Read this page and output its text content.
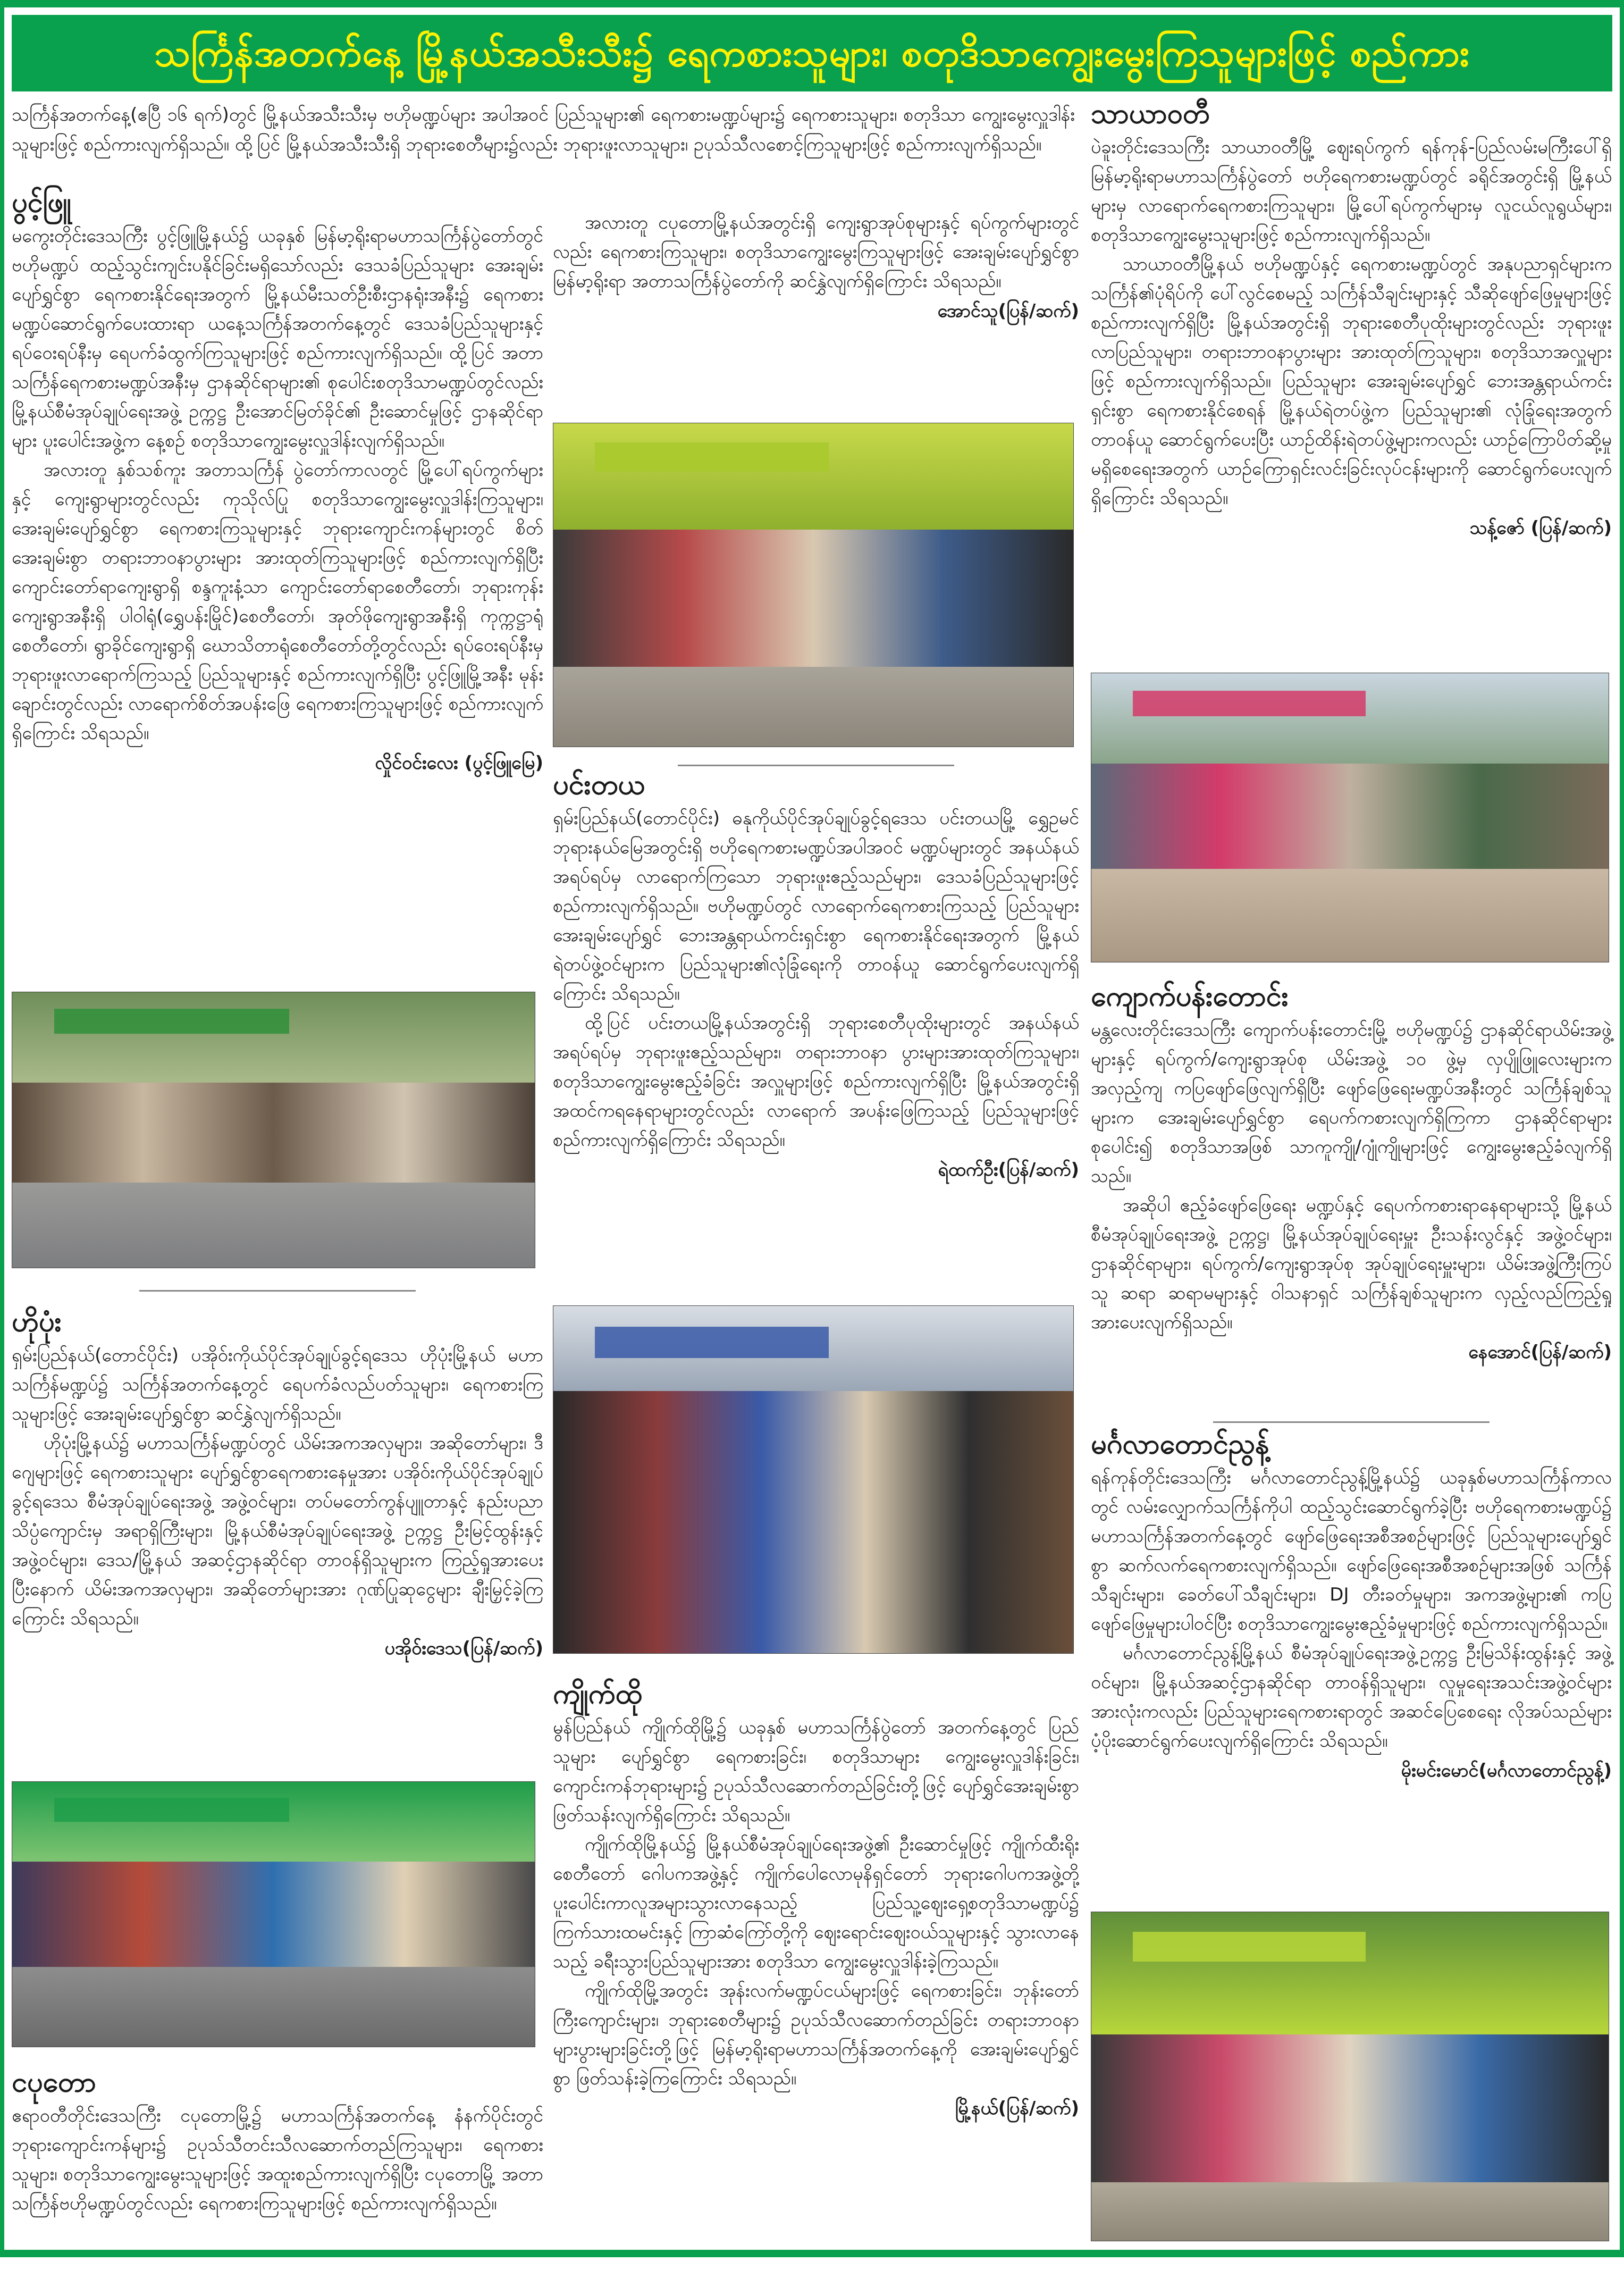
သင်္ကြန်အတက်နေ့ မြို့နယ်အသီးသီး၌ ရေကစားသူများ၊ စတုဒိသာကျွေးမွေးကြသူများဖြင့် စည်ကား
သင်္ကြန်အတက်နေ့(ဧပြီ ၁၆ ရက်)တွင် မြို့နယ်အသီးသီးမှ ဗဟိုမဏ္ဍပ်များ အပါအဝင် ပြည်သူများ၏ ရေကစားမဏ္ဍပ်များ၌ ရေကစားသူများ၊ စတုဒိသာ ကျွေးမွေးလှူဒါန်းသူများဖြင့် စည်ကားလျက်ရှိသည်။ ထို့ပြင် မြို့နယ်အသီးသီးရှိ ဘုရားစေတီများ၌လည်း ဘုရားဖူးလာသူများ၊ ဥပုသ်သီလစောင့်ကြသူများဖြင့် စည်ကားလျက်ရှိသည်။
ပွင့်ဖြူ

မကွေးတိုင်းဒေသကြီး ပွင့်ဖြူမြို့နယ်၌ ယခုနှစ် မြန်မာ့ရိုးရာမဟာသင်္ကြန်ပွဲတော်တွင် ဗဟိုမဏ္ဍပ် ထည့်သွင်းကျင်းပနိုင်ခြင်းမရှိသော်လည်း ဒေသခံပြည်သူများ အေးချမ်းပျော်ရွှင်စွာ ရေကစားနိုင်ရေးအတွက် မြို့နယ်မီးသတ်ဦးစီးဌာနရုံးအနီး၌ ရေကစားမဏ္ဍပ်ဆောင်ရွက်ပေးထားရာ ယနေ့သင်္ကြန်အတက်နေ့တွင် ဒေသခံပြည်သူများနှင့် ရပ်ဝေးရပ်နီးမှ ရေပက်ခံထွက်ကြသူများဖြင့် စည်ကားလျက်ရှိသည်။ ထို့ပြင် အတာသင်္ကြန်ရေကစားမဏ္ဍပ်အနီးမှ ဌာနဆိုင်ရာများ၏ စုပေါင်းစတုဒိသာမဏ္ဍပ်တွင်လည်း မြို့နယ်စီမံအုပ်ချုပ်ရေးအဖွဲ့ ဥက္ကဋ္ဌ ဦးအောင်မြတ်ခိုင်၏ ဦးဆောင်မှုဖြင့် ဌာနဆိုင်ရာများ ပူးပေါင်းအဖွဲ့က နေ့စဉ် စတုဒိသာကျွေးမွေးလှူဒါန်းလျက်ရှိသည်။

အလားတူ နှစ်သစ်ကူး အတာသင်္ကြန် ပွဲတော်ကာလတွင် မြို့ပေါ်ရပ်ကွက်များနှင့် ကျေးရွာများတွင်လည်း ကုသိုလ်ပြု စတုဒိသာကျွေးမွေးလှူဒါန်းကြသူများ၊ အေးချမ်းပျော်ရွှင်စွာ ရေကစားကြသူများနှင့် ဘုရားကျောင်းကန်များတွင် စိတ်အေးချမ်းစွာ တရားဘာဝနာပွားများ အားထုတ်ကြသူများဖြင့် စည်ကားလျက်ရှိပြီး ကျောင်းတော်ရာကျေးရွာရှိ စန္ဒကူးနံ့သာ ကျောင်းတော်ရာစေတီတော်၊ ဘုရားကုန်းကျေးရွာအနီးရှိ ပါဝါရုံ(ရွှေပန်းမြိုင်)စေတီတော်၊ အုတ်ဖိုကျေးရွာအနီးရှိ ကုက္ကဋ္ဌာရုံစေတီတော်၊ ရွာခိုင်ကျေးရွာရှိ ဃောသိတာရုံစေတီတော်တို့တွင်လည်း ရပ်ဝေးရပ်နီးမှ ဘုရားဖူးလာရောက်ကြသည့် ပြည်သူများနှင့် စည်ကားလျက်ရှိပြီး ပွင့်ဖြူမြို့အနီး မုန်းချောင်းတွင်လည်း လာရောက်စိတ်အပန်းဖြေ ရေကစားကြသူများဖြင့် စည်ကားလျက်ရှိကြောင်း သိရသည်။

လှိုင်ဝင်းလေး (ပွင့်ဖြူမြေ)
ဟိုပုံး

ရှမ်းပြည်နယ်(တောင်ပိုင်း) ပအိုဝ်းကိုယ်ပိုင်အုပ်ချုပ်ခွင့်ရဒေသ ဟိုပုံးမြို့နယ် မဟာသင်္ကြန်မဏ္ဍပ်၌ သင်္ကြန်အတက်နေ့တွင် ရေပက်ခံလည်ပတ်သူများ၊ ရေကစားကြသူများဖြင့် အေးချမ်းပျော်ရွှင်စွာ ဆင်နွှဲလျက်ရှိသည်။

ဟိုပုံးမြို့နယ်၌ မဟာသင်္ကြန်မဏ္ဍပ်တွင် ယိမ်းအကအလှများ၊ အဆိုတော်များ၊ ဒီဂျေများဖြင့် ရေကစားသူများ ပျော်ရွှင်စွာရေကစားနေမှုအား ပအိုဝ်းကိုယ်ပိုင်အုပ်ချုပ်ခွင့်ရဒေသ စီမံအုပ်ချုပ်ရေးအဖွဲ့ အဖွဲ့ဝင်များ၊ တပ်မတော်ကွန်ပျူတာနှင့် နည်းပညာသိပ္ပံကျောင်းမှ အရာရှိကြီးများ၊ မြို့နယ်စီမံအုပ်ချုပ်ရေးအဖွဲ့ ဥက္ကဋ္ဌ ဦးမြင့်ထွန်းနှင့် အဖွဲ့ဝင်များ၊ ဒေသ/မြို့နယ် အဆင့်ဌာနဆိုင်ရာ တာဝန်ရှိသူများက ကြည့်ရှုအားပေးပြီးနောက် ယိမ်းအကအလှများ၊ အဆိုတော်များအား ဂုဏ်ပြုဆုငွေများ ချီးမြှင့်ခဲ့ကြကြောင်း သိရသည်။

ပအိုဝ်းဒေသ(ပြန်/ဆက်)
ငပုတော

ဧရာဝတီတိုင်းဒေသကြီး ငပုတောမြို့၌ မဟာသင်္ကြန်အတက်နေ့ နံနက်ပိုင်းတွင် ဘုရားကျောင်းကန်များ၌ ဥပုသ်သီတင်းသီလဆောက်တည်ကြသူများ၊ ရေကစားသူများ၊ စတုဒိသာကျွေးမွေးသူများဖြင့် အထူးစည်ကားလျက်ရှိပြီး ငပုတောမြို့ အတာသင်္ကြန်ဗဟိုမဏ္ဍပ်တွင်လည်း ရေကစားကြသူများဖြင့် စည်ကားလျက်ရှိသည်။

အလားတူ ငပုတောမြို့နယ်အတွင်းရှိ ကျေးရွာအုပ်စုများနှင့် ရပ်ကွက်များတွင်လည်း ရေကစားကြသူများ၊ စတုဒိသာကျွေးမွေးကြသူများဖြင့် အေးချမ်းပျော်ရွှင်စွာ မြန်မာ့ရိုးရာ အတာသင်္ကြန်ပွဲတော်ကို ဆင်နွှဲလျက်ရှိကြောင်း သိရသည်။

အောင်သူ(ပြန်/ဆက်)
ပင်းတယ

ရှမ်းပြည်နယ်(တောင်ပိုင်း) ဓနုကိုယ်ပိုင်အုပ်ချုပ်ခွင့်ရဒေသ ပင်းတယမြို့ ရွှေဥမင်ဘုရားနယ်မြေအတွင်းရှိ ဗဟိုရေကစားမဏ္ဍပ်အပါအဝင် မဏ္ဍပ်များတွင် အနယ်နယ်အရပ်ရပ်မှ လာရောက်ကြသော ဘုရားဖူးဧည့်သည်များ၊ ဒေသခံပြည်သူများဖြင့် စည်ကားလျက်ရှိသည်။ ဗဟိုမဏ္ဍပ်တွင် လာရောက်ရေကစားကြသည့် ပြည်သူများ အေးချမ်းပျော်ရွှင် ဘေးအန္တရာယ်ကင်းရှင်းစွာ ရေကစားနိုင်ရေးအတွက် မြို့နယ်ရဲတပ်ဖွဲ့ဝင်များက ပြည်သူများ၏လုံခြုံရေးကို တာဝန်ယူ ဆောင်ရွက်ပေးလျက်ရှိကြောင်း သိရသည်။

ထို့ပြင် ပင်းတယမြို့နယ်အတွင်းရှိ ဘုရားစေတီပုထိုးများတွင် အနယ်နယ်အရပ်ရပ်မှ ဘုရားဖူးဧည့်သည်များ၊ တရားဘာဝနာ ပွားများအားထုတ်ကြသူများ၊ စတုဒိသာကျွေးမွေးဧည့်ခံခြင်း အလှူများဖြင့် စည်ကားလျက်ရှိပြီး မြို့နယ်အတွင်းရှိ အထင်ကရနေရာများတွင်လည်း လာရောက် အပန်းဖြေကြသည့် ပြည်သူများဖြင့် စည်ကားလျက်ရှိကြောင်း သိရသည်။

ရဲထက်ဦး(ပြန်/ဆက်)
ကျိုက်ထို

မွန်ပြည်နယ် ကျိုက်ထိုမြို့၌ ယခုနှစ် မဟာသင်္ကြန်ပွဲတော် အတက်နေ့တွင် ပြည်သူများ ပျော်ရွှင်စွာ ရေကစားခြင်း၊ စတုဒိသာများ ကျွေးမွေးလှူဒါန်းခြင်း၊ ကျောင်းကန်ဘုရားများ၌ ဥပုသ်သီလဆောက်တည်ခြင်းတို့ဖြင့် ပျော်ရွှင်အေးချမ်းစွာ ဖြတ်သန်းလျက်ရှိကြောင်း သိရသည်။

ကျိုက်ထိုမြို့နယ်၌ မြို့နယ်စီမံအုပ်ချုပ်ရေးအဖွဲ့၏ ဦးဆောင်မှုဖြင့် ကျိုက်ထီးရိုးစေတီတော် ဂေါပကအဖွဲ့နှင့် ကျိုက်ပေါလောမုနိရှင်တော် ဘုရားဂေါပကအဖွဲ့တို့ ပူးပေါင်းကာလူအများသွားလာနေသည့် ပြည်သူ့ဈေးရှေ့စတုဒိသာမဏ္ဍပ်၌ ကြက်သားထမင်းနှင့် ကြာဆံကြော်တို့ကို ဈေးရောင်းဈေးဝယ်သူများနှင့် သွားလာနေသည့် ခရီးသွားပြည်သူများအား စတုဒိသာ ကျွေးမွေးလှူဒါန်းခဲ့ကြသည်။

ကျိုက်ထိုမြို့အတွင်း အုန်းလက်မဏ္ဍပ်ငယ်များဖြင့် ရေကစားခြင်း၊ ဘုန်းတော်ကြီးကျောင်းများ၊ ဘုရားစေတီများ၌ ဥပုသ်သီလဆောက်တည်ခြင်း တရားဘာဝနာများပွားများခြင်းတို့ဖြင့် မြန်မာ့ရိုးရာမဟာသင်္ကြန်အတက်နေ့ကို အေးချမ်းပျော်ရွှင်စွာ ဖြတ်သန်းခဲ့ကြကြောင်း သိရသည်။

မြို့နယ်(ပြန်/ဆက်)
သာယာဝတီ

ပဲခူးတိုင်းဒေသကြီး သာယာဝတီမြို့ ဈေးရပ်ကွက် ရန်ကုန်-ပြည်လမ်းမကြီးပေါ်ရှိ မြန်မာ့ရိုးရာမဟာသင်္ကြန်ပွဲတော် ဗဟိုရေကစားမဏ္ဍပ်တွင် ခရိုင်အတွင်းရှိ မြို့နယ်များမှ လာရောက်ရေကစားကြသူများ၊ မြို့ပေါ်ရပ်ကွက်များမှ လူငယ်လူရွယ်များ၊ စတုဒိသာကျွေးမွေးသူများဖြင့် စည်ကားလျက်ရှိသည်။

သာယာဝတီမြို့နယ် ဗဟိုမဏ္ဍပ်နှင့် ရေကစားမဏ္ဍပ်တွင် အနုပညာရှင်များက သင်္ကြန်၏ပုံရိပ်ကို ပေါ်လွင်စေမည့် သင်္ကြန်သီချင်းများနှင့် သီဆိုဖျော်ဖြေမှုများဖြင့် စည်ကားလျက်ရှိပြီး မြို့နယ်အတွင်းရှိ ဘုရားစေတီပုထိုးများတွင်လည်း ဘုရားဖူးလာပြည်သူများ၊ တရားဘာဝနာပွားများ အားထုတ်ကြသူများ၊ စတုဒိသာအလှူများဖြင့် စည်ကားလျက်ရှိသည်။ ပြည်သူများ အေးချမ်းပျော်ရွှင် ဘေးအန္တရာယ်ကင်းရှင်းစွာ ရေကစားနိုင်စေရန် မြို့နယ်ရဲတပ်ဖွဲ့က ပြည်သူများ၏ လုံခြုံရေးအတွက်တာဝန်ယူ ဆောင်ရွက်ပေးပြီး ယာဉ်ထိန်းရဲတပ်ဖွဲ့များကလည်း ယာဉ်ကြောပိတ်ဆို့မှု မရှိစေရေးအတွက် ယာဉ်ကြောရှင်းလင်းခြင်းလုပ်ငန်းများကို ဆောင်ရွက်ပေးလျက်ရှိကြောင်း သိရသည်။

သန့်ဇော် (ပြန်/ဆက်)
ကျောက်ပန်းတောင်း

မန္တလေးတိုင်းဒေသကြီး ကျောက်ပန်းတောင်းမြို့ ဗဟိုမဏ္ဍပ်၌ ဌာနဆိုင်ရာယိမ်းအဖွဲ့များနှင့် ရပ်ကွက်/ကျေးရွာအုပ်စု ယိမ်းအဖွဲ့ ၁၀ ဖွဲ့မှ လှပျိုဖြူလေးများက အလှည့်ကျ ကပြဖျော်ဖြေလျက်ရှိပြီး ဖျော်ဖြေရေးမဏ္ဍပ်အနီးတွင် သင်္ကြန်ချစ်သူများက အေးချမ်းပျော်ရွှင်စွာ ရေပက်ကစားလျက်ရှိကြကာ ဌာနဆိုင်ရာများ စုပေါင်း၍ စတုဒိသာအဖြစ် သာကူကျို/ဂျုံကျိုများဖြင့် ကျွေးမွေးဧည့်ခံလျက်ရှိသည်။

အဆိုပါ ဧည့်ခံဖျော်ဖြေရေး မဏ္ဍပ်နှင့် ရေပက်ကစားရာနေရာများသို့ မြို့နယ်စီမံအုပ်ချုပ်ရေးအဖွဲ့ ဥက္ကဋ္ဌ၊ မြို့နယ်အုပ်ချုပ်ရေးမှူး ဦးသန်းလွင်နှင့် အဖွဲ့ဝင်များ၊ ဌာနဆိုင်ရာများ၊ ရပ်ကွက်/ကျေးရွာအုပ်စု အုပ်ချုပ်ရေးမှူးများ၊ ယိမ်းအဖွဲ့ကြီးကြပ်သူ ဆရာ ဆရာမများနှင့် ဝါသနာရှင် သင်္ကြန်ချစ်သူများက လှည့်လည်ကြည့်ရှု အားပေးလျက်ရှိသည်။

နေအောင်(ပြန်/ဆက်)
မင်္ဂလာတောင်ညွန့်

ရန်ကုန်တိုင်းဒေသကြီး မင်္ဂလာတောင်ညွန့်မြို့နယ်၌ ယခုနှစ်မဟာသင်္ကြန်ကာလတွင် လမ်းလျှောက်သင်္ကြန်ကိုပါ ထည့်သွင်းဆောင်ရွက်ခဲ့ပြီး ဗဟိုရေကစားမဏ္ဍပ်၌ မဟာသင်္ကြန်အတက်နေ့တွင် ဖျော်ဖြေရေးအစီအစဉ်များဖြင့် ပြည်သူများပျော်ရွှင်စွာ ဆက်လက်ရေကစားလျက်ရှိသည်။ ဖျော်ဖြေရေးအစီအစဉ်များအဖြစ် သင်္ကြန်သီချင်းများ၊ ခေတ်ပေါ်သီချင်းများ၊ DJ တီးခတ်မှုများ၊ အကအဖွဲ့များ၏ ကပြဖျော်ဖြေမှုများပါဝင်ပြီး စတုဒိသာကျွေးမွေးဧည့်ခံမှုများဖြင့် စည်ကားလျက်ရှိသည်။

မင်္ဂလာတောင်ညွန့်မြို့နယ် စီမံအုပ်ချုပ်ရေးအဖွဲ့ဥက္ကဋ္ဌ ဦးမြသိန်းထွန်းနှင့် အဖွဲ့ဝင်များ၊ မြို့နယ်အဆင့်ဌာနဆိုင်ရာ တာဝန်ရှိသူများ၊ လူမှုရေးအသင်းအဖွဲ့ဝင်များအားလုံးကလည်း ပြည်သူများရေကစားရာတွင် အဆင်ပြေစေရေး လိုအပ်သည်များ ပံ့ပိုးဆောင်ရွက်ပေးလျက်ရှိကြောင်း သိရသည်။

မိုးမင်းမောင်(မင်္ဂလာတောင်ညွန့်)
